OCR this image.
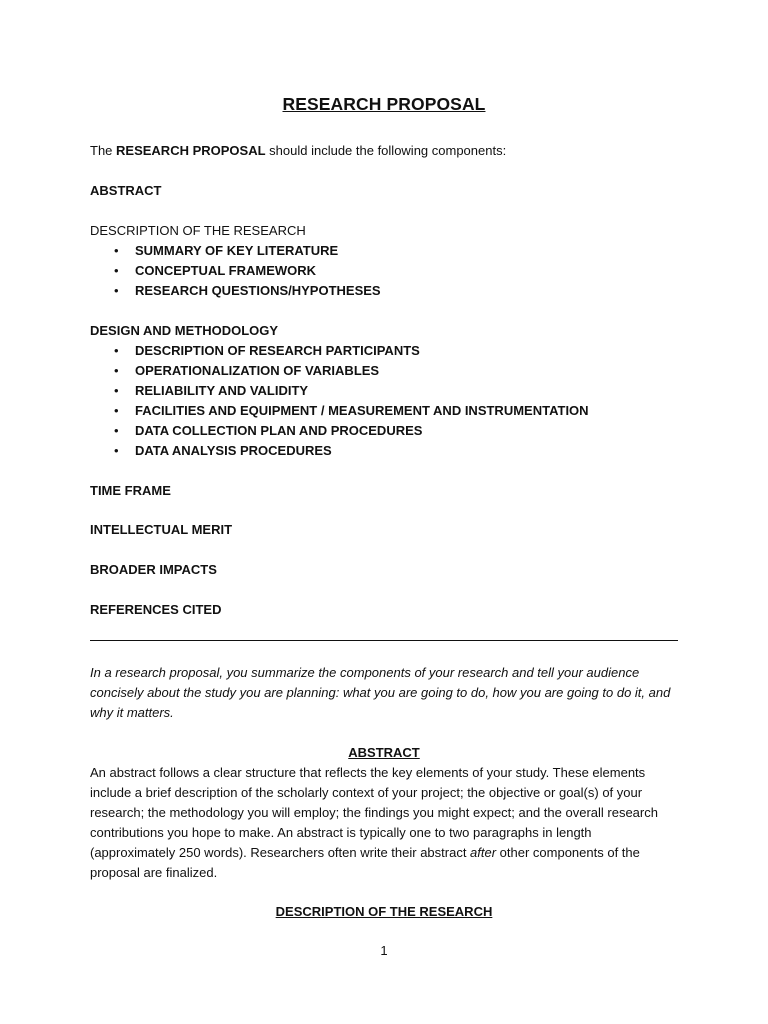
RESEARCH PROPOSAL
The RESEARCH PROPOSAL should include the following components:
ABSTRACT
DESCRIPTION OF THE RESEARCH
• SUMMARY OF KEY LITERATURE
• CONCEPTUAL FRAMEWORK
• RESEARCH QUESTIONS/HYPOTHESES
DESIGN AND METHODOLOGY
• DESCRIPTION OF RESEARCH PARTICIPANTS
• OPERATIONALIZATION OF VARIABLES
• RELIABILITY AND VALIDITY
• FACILITIES AND EQUIPMENT / MEASUREMENT AND INSTRUMENTATION
• DATA COLLECTION PLAN AND PROCEDURES
• DATA ANALYSIS PROCEDURES
TIME FRAME
INTELLECTUAL MERIT
BROADER IMPACTS
REFERENCES CITED
In a research proposal, you summarize the components of your research and tell your audience concisely about the study you are planning: what you are going to do, how you are going to do it, and why it matters.
ABSTRACT
An abstract follows a clear structure that reflects the key elements of your study. These elements include a brief description of the scholarly context of your project; the objective or goal(s) of your research; the methodology you will employ; the findings you might expect; and the overall research contributions you hope to make. An abstract is typically one to two paragraphs in length (approximately 250 words). Researchers often write their abstract after other components of the proposal are finalized.
DESCRIPTION OF THE RESEARCH
1
